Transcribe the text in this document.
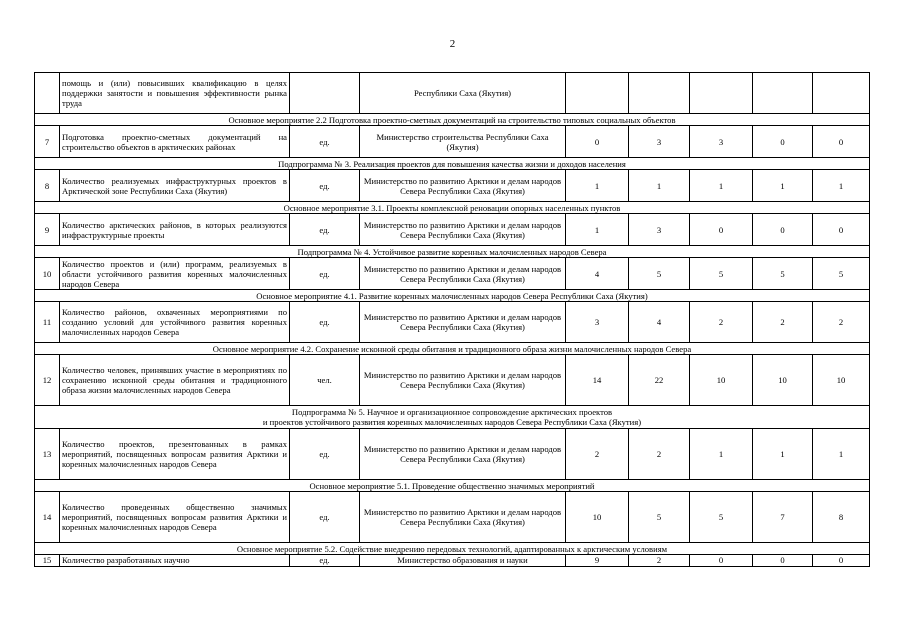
2
	помощь и (или) повысивших квалификацию в целях поддержки занятости и повышения эффективности рынка труда		Республики Саха (Якутия)					

Основное мероприятие 2.2 Подготовка проектно-сметных документаций на строительство типовых социальных объектов								

7	Подготовка проектно-сметных документаций на строительство объектов в арктических районах	ед.	Министерство строительства Республики Саха (Якутия)	0	3	3	0	0

Подпрограмма № 3. Реализация проектов для повышения качества жизни и доходов населения								

8	Количество реализуемых инфраструктурных проектов в Арктической зоне Республики Саха (Якутия)	ед.	Министерство по развитию Арктики и делам народов Севера Республики Саха (Якутия)	1	1	1	1	1

Основное мероприятие 3.1. Проекты комплексной реновации опорных населенных пунктов								

9	Количество арктических районов, в которых реализуются инфраструктурные проекты	ед.	Министерство по развитию Арктики и делам народов Севера Республики Саха (Якутия)	1	3	0	0	0

Подпрограмма № 4. Устойчивое развитие коренных малочисленных народов Севера								

10	Количество проектов и (или) программ, реализуемых в области устойчивого развития коренных малочисленных народов Севера	ед.	Министерство по развитию Арктики и делам народов Севера Республики Саха (Якутия)	4	5	5	5	5

Основное мероприятие 4.1. Развитие коренных малочисленных народов Севера Республики Саха (Якутия)								

11	Количество районов, охваченных мероприятиями по созданию условий для устойчивого развития коренных малочисленных народов Севера	ед.	Министерство по развитию Арктики и делам народов Севера Республики Саха (Якутия)	3	4	2	2	2

Основное мероприятие 4.2. Сохранение исконной среды обитания и традиционного образа жизни малочисленных народов Севера								

12	Количество человек, принявших участие в мероприятиях по сохранению исконной среды обитания и традиционного образа жизни малочисленных народов Севера	чел.	Министерство по развитию Арктики и делам народов Севера Республики Саха (Якутия)	14	22	10	10	10

Подпрограмма № 5. Научное и организационное сопровождение арктических проектов
и проектов устойчивого развития коренных малочисленных народов Севера Республики Саха (Якутия)								

13	Количество проектов, презентованных в рамках мероприятий, посвященных вопросам развития Арктики и коренных малочисленных народов Севера	ед.	Министерство по развитию Арктики и делам народов Севера Республики Саха (Якутия)	2	2	1	1	1

Основное мероприятие 5.1. Проведение общественно значимых мероприятий								

14	Количество проведенных общественно значимых мероприятий, посвященных вопросам развития Арктики и коренных малочисленных народов Севера	ед.	Министерство по развитию Арктики и делам народов Севера Республики Саха (Якутия)	10	5	5	7	8

Основное мероприятие 5.2. Содействие внедрению передовых технологий, адаптированных к арктическим условиям								

15	Количество разработанных научно	ед.	Министерство образования и науки	9	2	0	0	0
